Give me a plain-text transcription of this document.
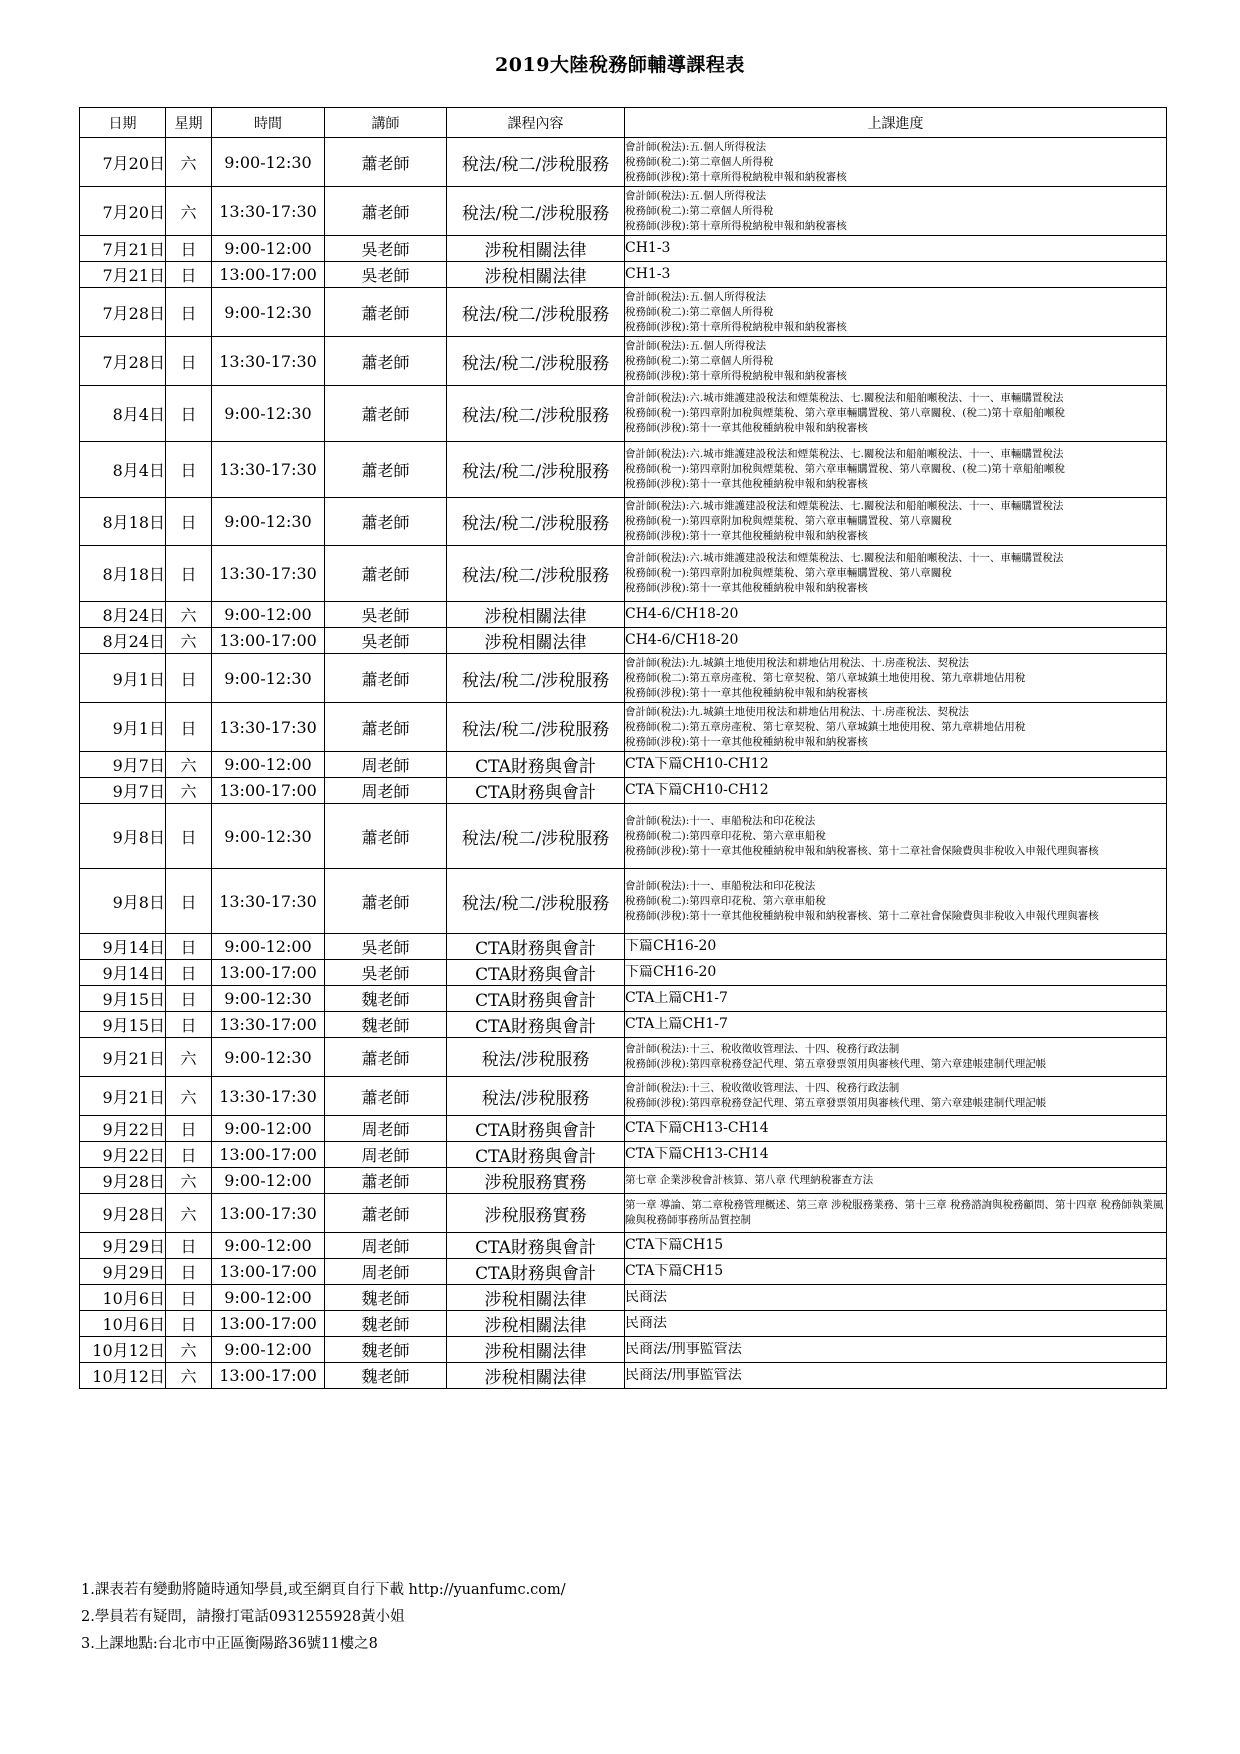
2019大陸稅務師輔導課程表
日期	星期	時間	講師	課程內容	上課進度
7月20日	六	9:00-12:30	蕭老師	稅法/稅二/涉稅服務	會計師(稅法):五.個人所得稅法
稅務師(稅二):第二章個人所得稅
稅務師(涉稅):第十章所得稅納稅申報和納稅審核

7月20日	六	13:30-17:30	蕭老師	稅法/稅二/涉稅服務	會計師(稅法):五.個人所得稅法
稅務師(稅二):第二章個人所得稅
稅務師(涉稅):第十章所得稅納稅申報和納稅審核

7月21日	日	9:00-12:00	吳老師	涉稅相關法律	CH1-3

7月21日	日	13:00-17:00	吳老師	涉稅相關法律	CH1-3

7月28日	日	9:00-12:30	蕭老師	稅法/稅二/涉稅服務	會計師(稅法):五.個人所得稅法
稅務師(稅二):第二章個人所得稅
稅務師(涉稅):第十章所得稅納稅申報和納稅審核

7月28日	日	13:30-17:30	蕭老師	稅法/稅二/涉稅服務	會計師(稅法):五.個人所得稅法
稅務師(稅二):第二章個人所得稅
稅務師(涉稅):第十章所得稅納稅申報和納稅審核

8月4日	日	9:00-12:30	蕭老師	稅法/稅二/涉稅服務	會計師(稅法):六.城市維護建設稅法和煙葉稅法、七.關稅法和船舶噸稅法、十一、車輛購置稅法
稅務師(稅一):第四章附加稅與煙葉稅、第六章車輛購置稅、第八章關稅、(稅二)第十章船舶噸稅
稅務師(涉稅):第十一章其他稅種納稅申報和納稅審核

8月4日	日	13:30-17:30	蕭老師	稅法/稅二/涉稅服務	會計師(稅法):六.城市維護建設稅法和煙葉稅法、七.關稅法和船舶噸稅法、十一、車輛購置稅法
稅務師(稅一):第四章附加稅與煙葉稅、第六章車輛購置稅、第八章關稅、(稅二)第十章船舶噸稅
稅務師(涉稅):第十一章其他稅種納稅申報和納稅審核

8月18日	日	9:00-12:30	蕭老師	稅法/稅二/涉稅服務	會計師(稅法):六.城市維護建設稅法和煙葉稅法、七.關稅法和船舶噸稅法、十一、車輛購置稅法
稅務師(稅一):第四章附加稅與煙葉稅、第六章車輛購置稅、第八章關稅
稅務師(涉稅):第十一章其他稅種納稅申報和納稅審核

8月18日	日	13:30-17:30	蕭老師	稅法/稅二/涉稅服務	會計師(稅法):六.城市維護建設稅法和煙葉稅法、七.關稅法和船舶噸稅法、十一、車輛購置稅法
稅務師(稅一):第四章附加稅與煙葉稅、第六章車輛購置稅、第八章關稅
稅務師(涉稅):第十一章其他稅種納稅申報和納稅審核

8月24日	六	9:00-12:00	吳老師	涉稅相關法律	CH4-6/CH18-20

8月24日	六	13:00-17:00	吳老師	涉稅相關法律	CH4-6/CH18-20

9月1日	日	9:00-12:30	蕭老師	稅法/稅二/涉稅服務	會計師(稅法):九.城鎮土地使用稅法和耕地佔用稅法、十.房產稅法、契稅法
稅務師(稅二):第五章房產稅、第七章契稅、第八章城鎮土地使用稅、第九章耕地佔用稅
稅務師(涉稅):第十一章其他稅種納稅申報和納稅審核

9月1日	日	13:30-17:30	蕭老師	稅法/稅二/涉稅服務	會計師(稅法):九.城鎮土地使用稅法和耕地佔用稅法、十.房產稅法、契稅法
稅務師(稅二):第五章房產稅、第七章契稅、第八章城鎮土地使用稅、第九章耕地佔用稅
稅務師(涉稅):第十一章其他稅種納稅申報和納稅審核

9月7日	六	9:00-12:00	周老師	CTA財務與會計	CTA下篇CH10-CH12

9月7日	六	13:00-17:00	周老師	CTA財務與會計	CTA下篇CH10-CH12

9月8日	日	9:00-12:30	蕭老師	稅法/稅二/涉稅服務	會計師(稅法):十一、車船稅法和印花稅法
稅務師(稅二):第四章印花稅、第六章車船稅
稅務師(涉稅):第十一章其他稅種納稅申報和納稅審核、第十二章社會保險費與非稅收入申報代理與審核

9月8日	日	13:30-17:30	蕭老師	稅法/稅二/涉稅服務	會計師(稅法):十一、車船稅法和印花稅法
稅務師(稅二):第四章印花稅、第六章車船稅
稅務師(涉稅):第十一章其他稅種納稅申報和納稅審核、第十二章社會保險費與非稅收入申報代理與審核

9月14日	日	9:00-12:00	吳老師	CTA財務與會計	下篇CH16-20

9月14日	日	13:00-17:00	吳老師	CTA財務與會計	下篇CH16-20

9月15日	日	9:00-12:30	魏老師	CTA財務與會計	CTA上篇CH1-7

9月15日	日	13:30-17:00	魏老師	CTA財務與會計	CTA上篇CH1-7

9月21日	六	9:00-12:30	蕭老師	稅法/涉稅服務	會計師(稅法):十三、稅收徵收管理法、十四、稅務行政法制
稅務師(涉稅):第四章稅務登記代理、第五章發票領用與審核代理、第六章建帳建制代理記帳

9月21日	六	13:30-17:30	蕭老師	稅法/涉稅服務	會計師(稅法):十三、稅收徵收管理法、十四、稅務行政法制
稅務師(涉稅):第四章稅務登記代理、第五章發票領用與審核代理、第六章建帳建制代理記帳

9月22日	日	9:00-12:00	周老師	CTA財務與會計	CTA下篇CH13-CH14

9月22日	日	13:00-17:00	周老師	CTA財務與會計	CTA下篇CH13-CH14

9月28日	六	9:00-12:00	蕭老師	涉稅服務實務	第七章 企業涉稅會計核算、第八章 代理納稅審查方法

9月28日	六	13:00-17:30	蕭老師	涉稅服務實務	第一章 導論、第二章稅務管理概述、第三章 涉稅服務業務、第十三章 稅務諮詢與稅務顧問、第十四章 稅務師執業風險與稅務師事務所品質控制

9月29日	日	9:00-12:00	周老師	CTA財務與會計	CTA下篇CH15

9月29日	日	13:00-17:00	周老師	CTA財務與會計	CTA下篇CH15

10月6日	日	9:00-12:00	魏老師	涉稅相關法律	民商法

10月6日	日	13:00-17:00	魏老師	涉稅相關法律	民商法

10月12日	六	9:00-12:00	魏老師	涉稅相關法律	民商法/刑事監管法

10月12日	六	13:00-17:00	魏老師	涉稅相關法律	民商法/刑事監管法
1.課表若有變動將隨時通知學員,或至網頁自行下載 http://yuanfumc.com/
2.學員若有疑問，請撥打電話0931255928黃小姐
3.上課地點:台北市中正區衡陽路36號11樓之8
